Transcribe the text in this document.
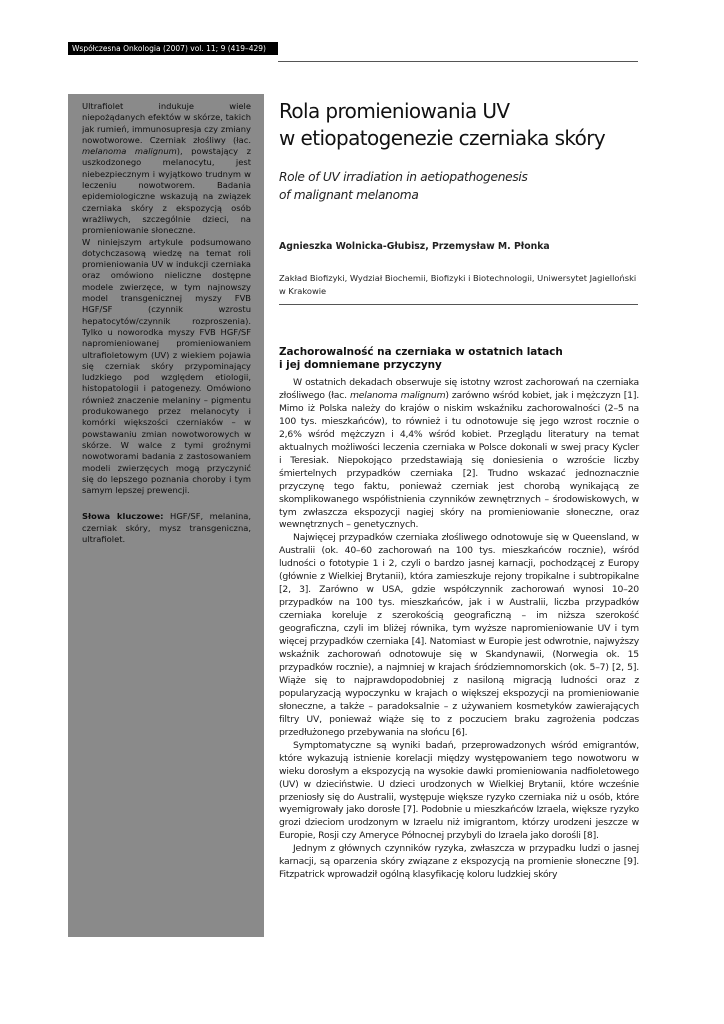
Współczesna Onkologia (2007) vol. 11; 9 (419–429)

Ultrafiolet indukuje wiele niepożądanych efektów w skórze, takich jak rumień, immunosupresja czy zmiany nowotworowe. Czerniak złośliwy (łac. melanoma malignum), powstający z uszkodzonego melanocytu, jest niebezpiecznym i wyjątkowo trudnym w leczeniu nowotworem. Badania epidemiologiczne wskazują na związek czerniaka skóry z ekspozycją osób wrażliwych, szczególnie dzieci, na promieniowanie słoneczne.

W niniejszym artykule podsumowano dotychczasową wiedzę na temat roli promieniowania UV w indukcji czerniaka oraz omówiono nieliczne dostępne modele zwierzęce, w tym najnowszy model transgenicznej myszy FVB HGF/SF (czynnik wzrostu hepatocytów/czynnik rozproszenia). Tylko u noworodka myszy FVB HGF/SF napromieniowanej promieniowaniem ultrafioletowym (UV) z wiekiem pojawia się czerniak skóry przypominający ludzkiego pod względem etiologii, histopatologii i patogenezy. Omówiono również znaczenie melaniny – pigmentu produkowanego przez melanocyty i komórki większości czerniaków – w powstawaniu zmian nowotworowych w skórze. W walce z tymi groźnymi nowotworami badania z zastosowaniem modeli zwierzęcych mogą przyczynić się do lepszego poznania choroby i tym samym lepszej prewencji.

Słowa kluczowe: HGF/SF, melanina, czerniak skóry, mysz transgeniczna, ultrafiolet.

Rola promieniowania UV
w etiopatogenezie czerniaka skóry
Role of UV irradiation in aetiopathogenesis
of malignant melanoma
Agnieszka Wolnicka-Głubisz, Przemysław M. Płonka
Zakład Biofizyki, Wydział Biochemii, Biofizyki i Biotechnologii, Uniwersytet Jagielloński w Krakowie
Zachorowalność na czerniaka w ostatnich latach
i jej domniemane przyczyny

W ostatnich dekadach obserwuje się istotny wzrost zachorowań na czerniaka złośliwego (łac. melanoma malignum) zarówno wśród kobiet, jak i mężczyzn [1]. Mimo iż Polska należy do krajów o niskim wskaźniku zachorowalności (2–5 na 100 tys. mieszkańców), to również i tu odnotowuje się jego wzrost rocznie o 2,6% wśród mężczyzn i 4,4% wśród kobiet. Przeglądu literatury na temat aktualnych możliwości leczenia czerniaka w Polsce dokonali w swej pracy Kycler i Teresiak. Niepokojąco przedstawiają się doniesienia o wzroście liczby śmiertelnych przypadków czerniaka [2]. Trudno wskazać jednoznacznie przyczynę tego faktu, ponieważ czerniak jest chorobą wynikającą ze skomplikowanego współistnienia czynników zewnętrznych – środowiskowych, w tym zwłaszcza ekspozycji nagiej skóry na promieniowanie słoneczne, oraz wewnętrznych – genetycznych.

Najwięcej przypadków czerniaka złośliwego odnotowuje się w Queensland, w Australii (ok. 40–60 zachorowań na 100 tys. mieszkańców rocznie), wśród ludności o fototypie 1 i 2, czyli o bardzo jasnej karnacji, pochodzącej z Europy (głównie z Wielkiej Brytanii), która zamieszkuje rejony tropikalne i subtropikalne [2, 3]. Zarówno w USA, gdzie współczynnik zachorowań wynosi 10–20 przypadków na 100 tys. mieszkańców, jak i w Australii, liczba przypadków czerniaka koreluje z szerokością geograficzną – im niższa szerokość geograficzna, czyli im bliżej równika, tym wyższe napromieniowanie UV i tym więcej przypadków czerniaka [4]. Natomiast w Europie jest odwrotnie, najwyższy wskaźnik zachorowań odnotowuje się w Skandynawii, (Norwegia ok. 15 przypadków rocznie), a najmniej w krajach śródziemnomorskich (ok. 5–7) [2, 5]. Wiąże się to najprawdopodobniej z nasiloną migracją ludności oraz z popularyzacją wypoczynku w krajach o większej ekspozycji na promieniowanie słoneczne, a także – paradoksalnie – z używaniem kosmetyków zawierających filtry UV, ponieważ wiąże się to z poczuciem braku zagrożenia podczas przedłużonego przebywania na słońcu [6].

Symptomatyczne są wyniki badań, przeprowadzonych wśród emigrantów, które wykazują istnienie korelacji między występowaniem tego nowotworu w wieku dorosłym a ekspozycją na wysokie dawki promieniowania nadfioletowego (UV) w dzieciństwie. U dzieci urodzonych w Wielkiej Brytanii, które wcześnie przeniosły się do Australii, występuje większe ryzyko czerniaka niż u osób, które wyemigrowały jako dorosłe [7]. Podobnie u mieszkańców Izraela, większe ryzyko grozi dzieciom urodzonym w Izraelu niż imigrantom, którzy urodzeni jeszcze w Europie, Rosji czy Ameryce Północnej przybyli do Izraela jako dorośli [8].

Jednym z głównych czynników ryzyka, zwłaszcza w przypadku ludzi o jasnej karnacji, są oparzenia skóry związane z ekspozycją na promienie słoneczne [9]. Fitzpatrick wprowadził ogólną klasyfikację koloru ludzkiej skóry
